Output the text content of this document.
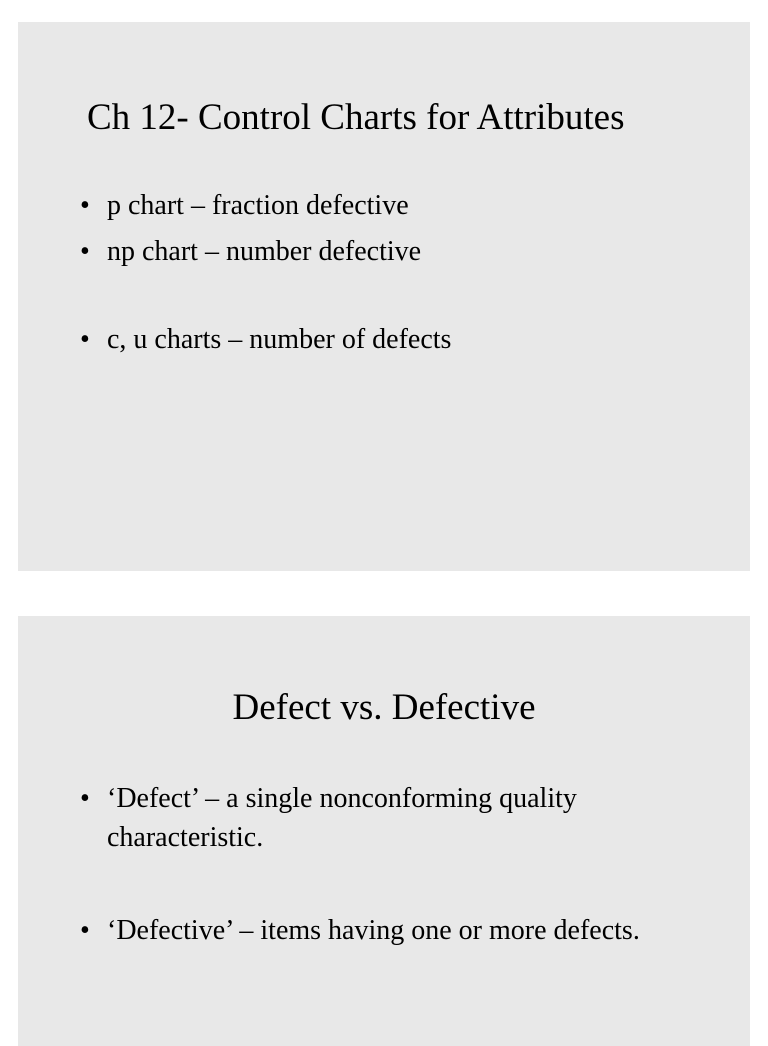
Ch 12- Control Charts for Attributes
• p chart – fraction defective
• np chart – number defective
• c, u charts – number of defects
Defect vs. Defective
• ‘Defect’ – a single nonconforming quality characteristic.
• ‘Defective’ – items having one or more defects.
